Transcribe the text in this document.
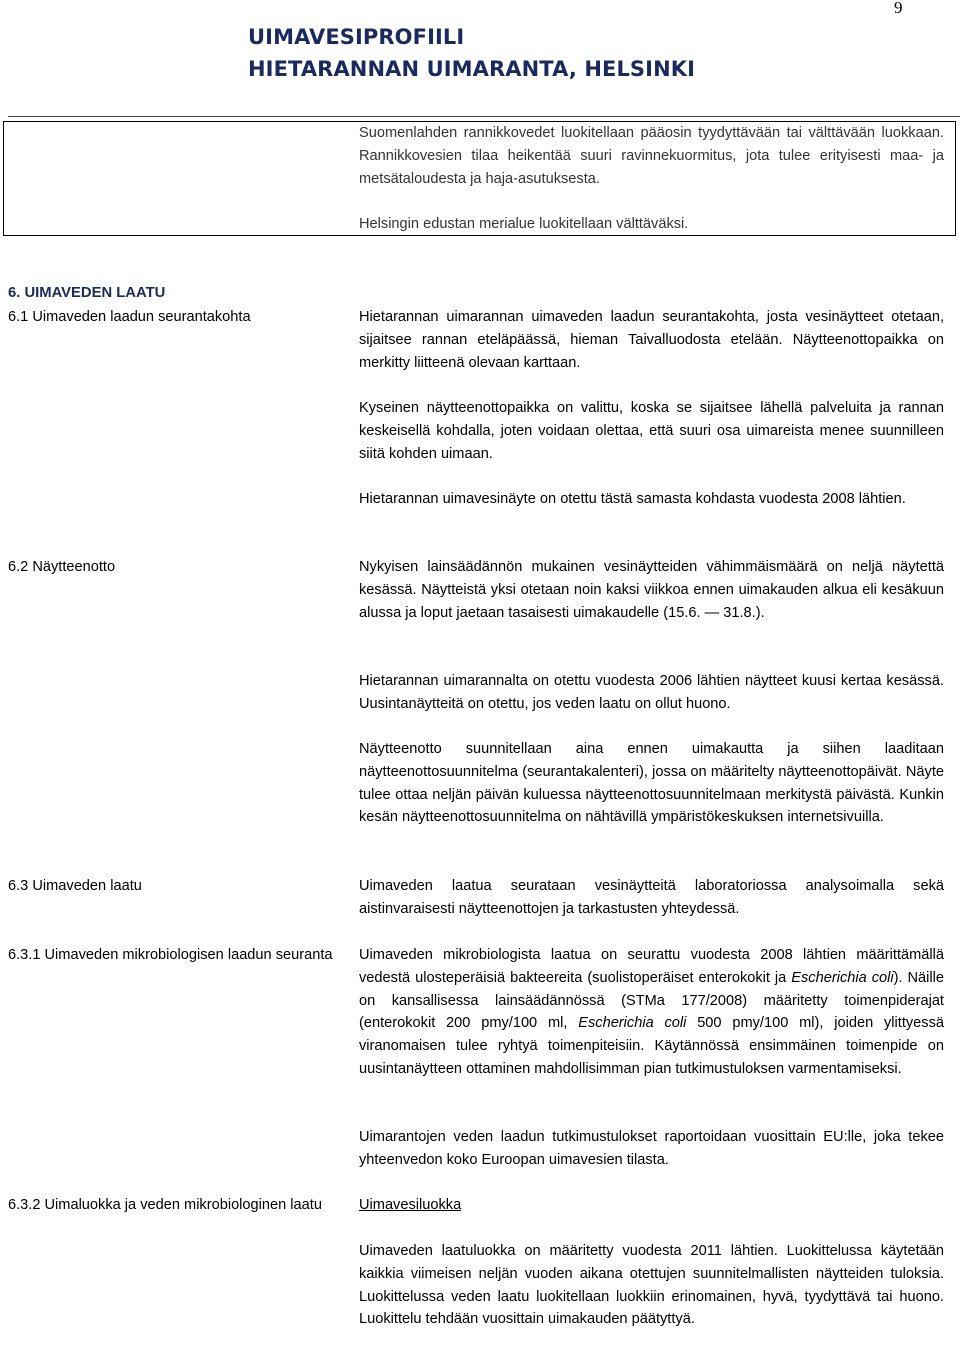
9
UIMAVESIPROFIILI
HIETARANNAN UIMARANTA, HELSINKI
Suomenlahden rannikkovedet luokitellaan pääosin tyydyttävään tai välttävään luokkaan. Rannikkovesien tilaa heikentää suuri ravinnekuormitus, jota tulee erityisesti maa- ja metsätaloudesta ja haja-asutuksesta.
Helsingin edustan merialue luokitellaan välttäväksi.
6. UIMAVEDEN LAATU
6.1 Uimaveden laadun seurantakohta	Hietarannan uimarannan uimaveden laadun seurantakohta, josta vesinäytteet otetaan, sijaitsee rannan eteläpäässä, hieman Taivalluodosta etelään. Näytteenottopaikka on merkitty liitteenä olevaan karttaan.
Kyseinen näytteenottopaikka on valittu, koska se sijaitsee lähellä palveluita ja rannan keskeisellä kohdalla, joten voidaan olettaa, että suuri osa uimareista menee suunnilleen siitä kohden uimaan.
Hietarannan uimavesinäyte on otettu tästä samasta kohdasta vuodesta 2008 lähtien.
6.2 Näytteenotto	Nykyisen lainsäädännön mukainen vesinäytteiden vähimmäismäärä on neljä näytettä kesässä. Näytteistä yksi otetaan noin kaksi viikkoa ennen uimakauden alkua eli kesäkuun alussa ja loput jaetaan tasaisesti uimakaudelle (15.6. — 31.8.).
Hietarannan uimarannalta on otettu vuodesta 2006 lähtien näytteet kuusi kertaa kesässä. Uusintanäytteitä on otettu, jos veden laatu on ollut huono.
Näytteenotto suunnitellaan aina ennen uimakautta ja siihen laaditaan näytteenottosuunnitelma (seurantakalenteri), jossa on määritelty näytteenottopäivät. Näyte tulee ottaa neljän päivän kuluessa näytteenottosuunnitelmaan merkitystä päivästä. Kunkin kesän näytteenottosuunnitelma on nähtävillä ympäristökeskuksen internetsivuilla.
6.3 Uimaveden laatu	Uimaveden laatua seurataan vesinäytteitä laboratoriossa analysoimalla sekä aistinvaraisesti näytteenottojen ja tarkastusten yhteydessä.
6.3.1 Uimaveden mikrobiologisen laadun seuranta	Uimaveden mikrobiologista laatua on seurattu vuodesta 2008 lähtien määrittämällä vedestä ulosteperäisiä bakteereita (suolistoperäiset enterokokit ja Escherichia coli). Näille on kansallisessa lainsäädännössä (STMa 177/2008) määritetty toimenpiderajat (enterokokit 200 pmy/100 ml, Escherichia coli 500 pmy/100 ml), joiden ylittyessä viranomaisen tulee ryhtyä toimenpiteisiin. Käytännössä ensimmäinen toimenpide on uusintanäytteen ottaminen mahdollisimman pian tutkimustuloksen varmentamiseksi.
Uimarantojen veden laadun tutkimustulokset raportoidaan vuosittain EU:lle, joka tekee yhteenvedon koko Euroopan uimavesien tilasta.
6.3.2 Uimaluokka ja veden mikrobiologinen laatu	Uimavesiluokka
Uimaveden laatuluokka on määritetty vuodesta 2011 lähtien. Luokittelussa käytetään kaikkia viimeisen neljän vuoden aikana otettujen suunnitelmallisten näytteiden tuloksia. Luokittelussa veden laatu luokitellaan luokkiin erinomainen, hyvä, tyydyttävä tai huono. Luokittelu tehdään vuosittain uimakauden päätyttyä.
